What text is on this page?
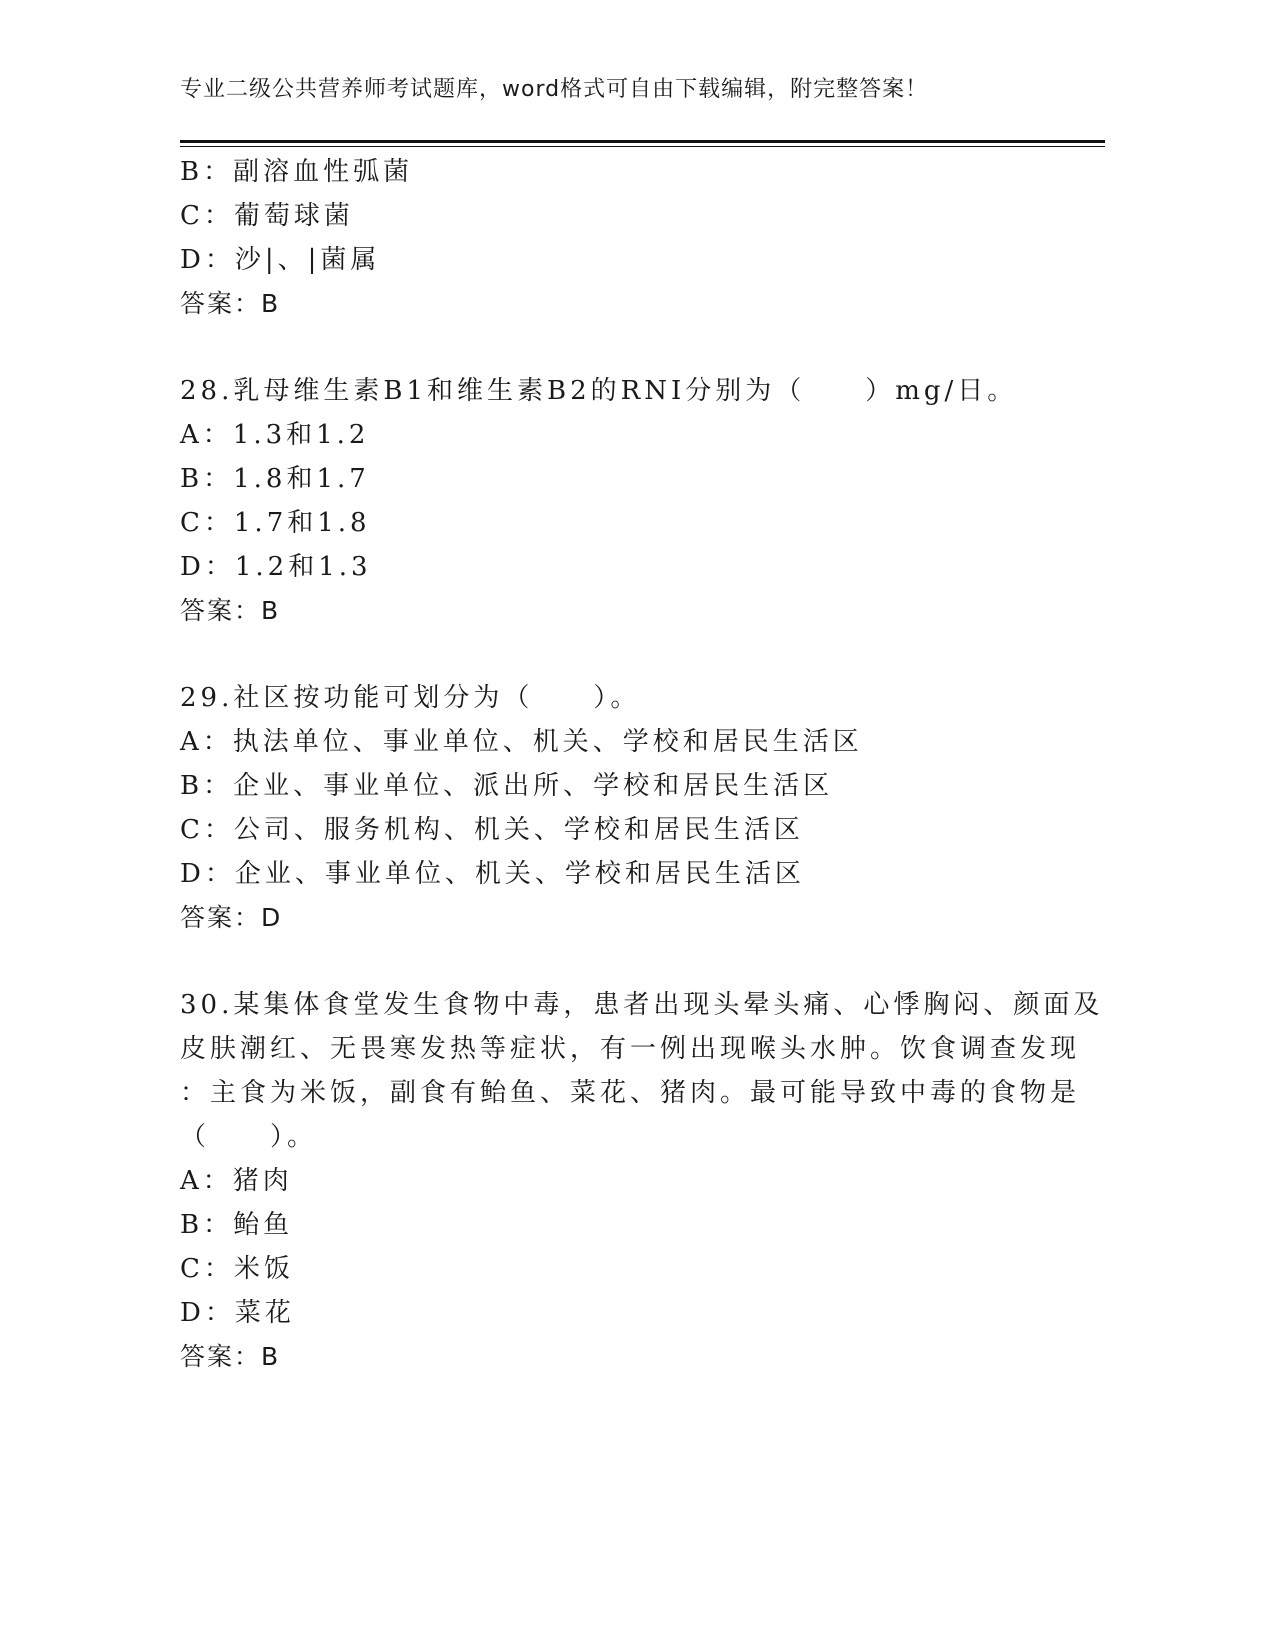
专业二级公共营养师考试题库，word格式可自由下载编辑，附完整答案！
B：副溶血性弧菌
C：葡萄球菌
D：沙|、|菌属
答案：B
28.乳母维生素B1和维生素B2的RNI分别为（　　）mg/日。
A：1.3和1.2
B：1.8和1.7
C：1.7和1.8
D：1.2和1.3
答案：B
29.社区按功能可划分为（　　）。
A：执法单位、事业单位、机关、学校和居民生活区
B：企业、事业单位、派出所、学校和居民生活区
C：公司、服务机构、机关、学校和居民生活区
D：企业、事业单位、机关、学校和居民生活区
答案：D
30.某集体食堂发生食物中毒，患者出现头晕头痛、心悸胸闷、颜面及
皮肤潮红、无畏寒发热等症状，有一例出现喉头水肿。饮食调查发现
：主食为米饭，副食有鲐鱼、菜花、猪肉。最可能导致中毒的食物是
（　　）。
A：猪肉
B：鲐鱼
C：米饭
D：菜花
答案：B
